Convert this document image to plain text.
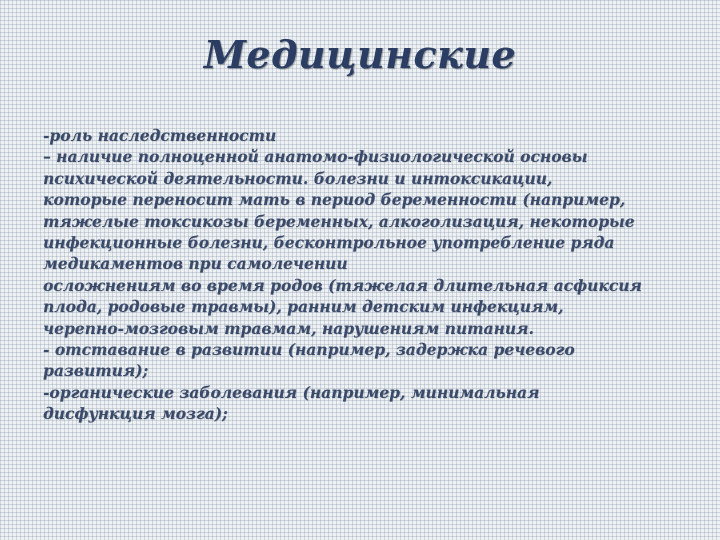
Медицинские
-роль наследственности
– наличие полноценной анатомо-физиологической основы
психической деятельности. болезни и интоксикации,
которые переносит мать в период беременности (например,
тяжелые токсикозы беременных, алкоголизация, некоторые
инфекционные болезни, бесконтрольное употребление ряда
медикаментов при самолечении
осложнениям во время родов (тяжелая длительная асфиксия
плода, родовые травмы), ранним детским инфекциям,
черепно-мозговым травмам, нарушениям питания.
- отставание в развитии (например, задержка речевого
развития);
-органические заболевания (например, минимальная
дисфункция мозга);
